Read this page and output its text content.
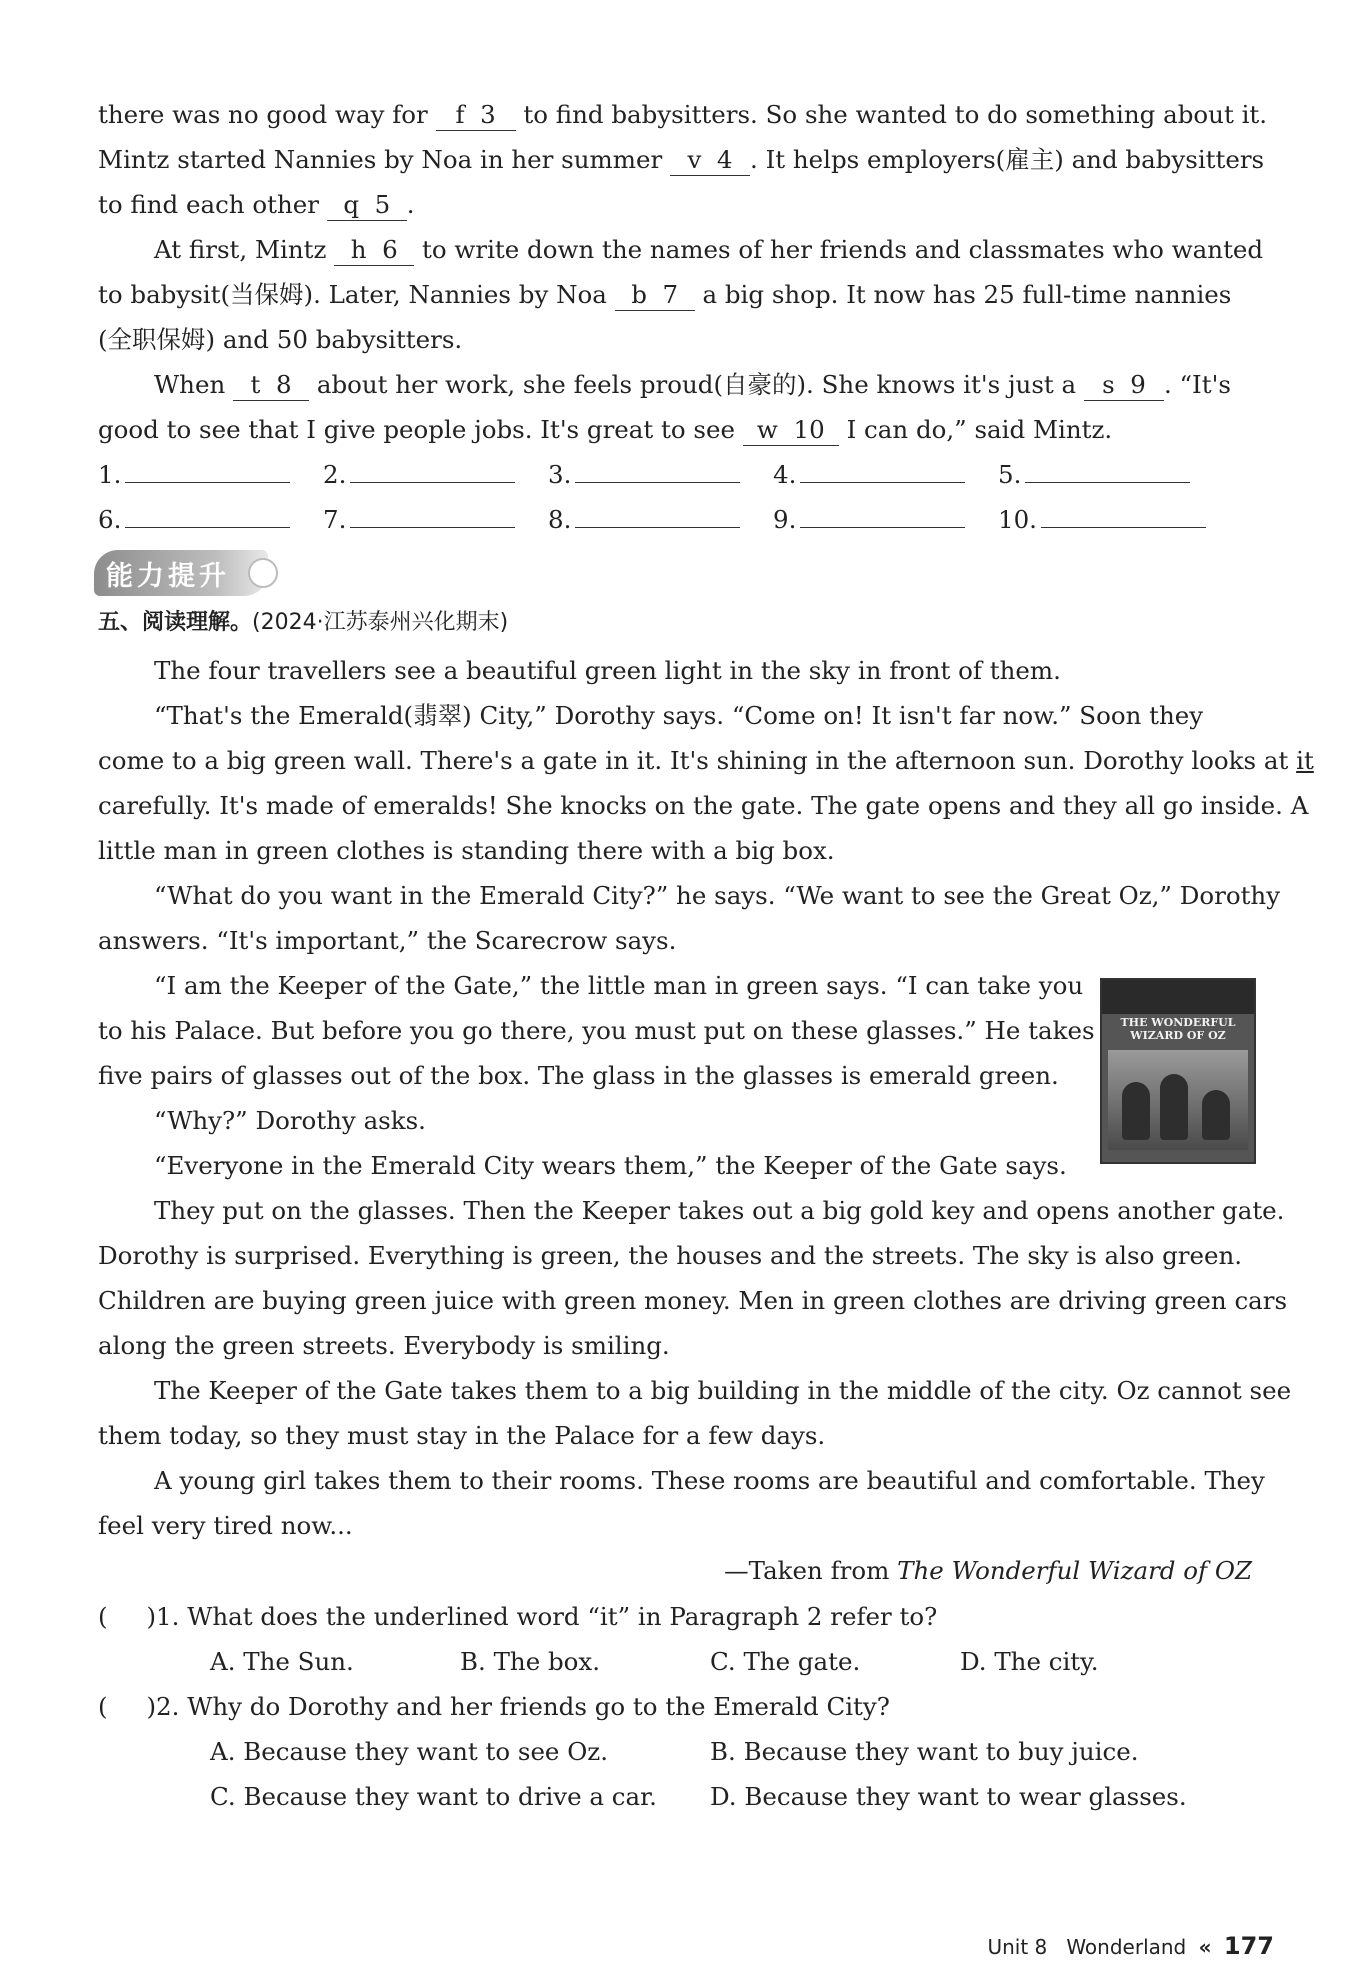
there was no good way for f 3 to find babysitters. So she wanted to do something about it.

Mintz started Nannies by Noa in her summer v 4 . It helps employers(雇主) and babysitters

to find each other q 5 .

At first, Mintz h 6 to write down the names of her friends and classmates who wanted

to babysit(当保姆). Later, Nannies by Noa b 7 a big shop. It now has 25 full-time nannies

(全职保姆) and 50 babysitters.

When t 8 about her work, she feels proud(自豪的). She knows it's just a s 9 . “It's

good to see that I give people jobs. It's great to see w 10 I can do,” said Mintz.

1.	2.	3.	4.	5.
6.	7.	8.	9.	10.
能力提升

五、阅读理解。(2024·江苏泰州兴化期末)

The four travellers see a beautiful green light in the sky in front of them.

“That's the Emerald(翡翠) City,” Dorothy says. “Come on! It isn't far now.” Soon they

come to a big green wall. There's a gate in it. It's shining in the afternoon sun. Dorothy looks at it

carefully. It's made of emeralds! She knocks on the gate. The gate opens and they all go inside. A

little man in green clothes is standing there with a big box.

“What do you want in the Emerald City?” he says. “We want to see the Great Oz,” Dorothy

answers. “It's important,” the Scarecrow says.

“I am the Keeper of the Gate,” the little man in green says. “I can take you

to his Palace. But before you go there, you must put on these glasses.” He takes

five pairs of glasses out of the box. The glass in the glasses is emerald green.

“Why?” Dorothy asks.

“Everyone in the Emerald City wears them,” the Keeper of the Gate says.

They put on the glasses. Then the Keeper takes out a big gold key and opens another gate.

Dorothy is surprised. Everything is green, the houses and the streets. The sky is also green.

Children are buying green juice with green money. Men in green clothes are driving green cars

along the green streets. Everybody is smiling.

The Keeper of the Gate takes them to a big building in the middle of the city. Oz cannot see

them today, so they must stay in the Palace for a few days.

A young girl takes them to their rooms. These rooms are beautiful and comfortable. They

feel very tired now...

—Taken from The Wonderful Wizard of OZ

(     )1. What does the underlined word “it” in Paragraph 2 refer to?

A. The Sun.	B. The box.	C. The gate.	D. The city.

(     )2. Why do Dorothy and her friends go to the Emerald City?

A. Because they want to see Oz.	B. Because they want to buy juice.
C. Because they want to drive a car.	D. Because they want to wear glasses.
THE WONDERFUL WIZARD OF OZ
Unit 8 Wonderland « 177
